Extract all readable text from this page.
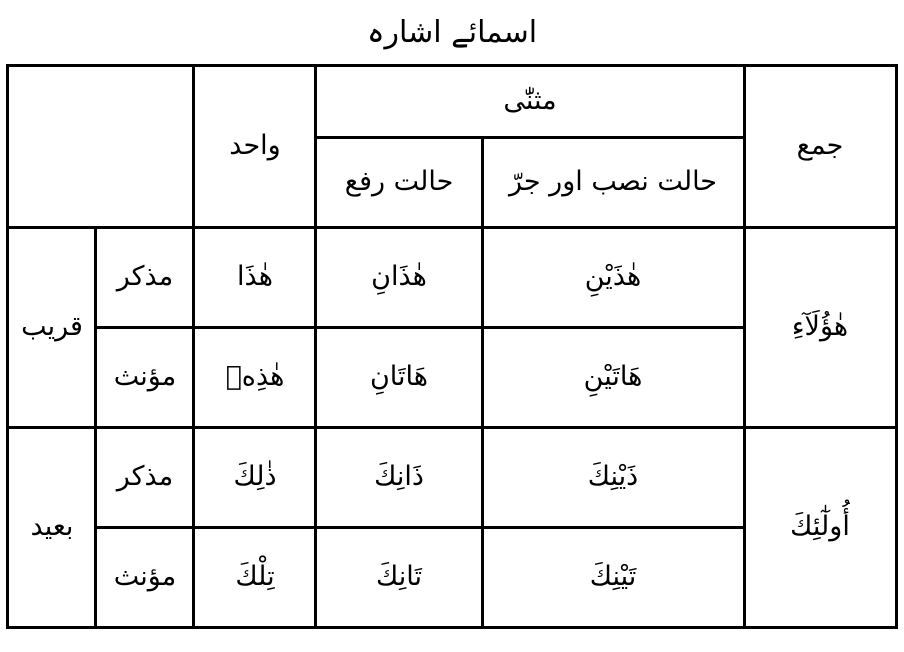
اسمائے اشارہ
جمع	مثنّٰی		واحد		
	حالت نصب اور جرّ	حالت رفع			
هٰؤُلَآءِ	هٰذَيْنِ	هٰذَانِ	هٰذَا	مذکر	قریب
	هَاتَيْنِ	هَاتَانِ	هٰذِهٖ	مؤنث	
أُولٰٓئِكَ	ذَيْنِكَ	ذَانِكَ	ذٰلِكَ	مذکر	بعید
	تَيْنِكَ	تَانِكَ	تِلْكَ	مؤنث	
